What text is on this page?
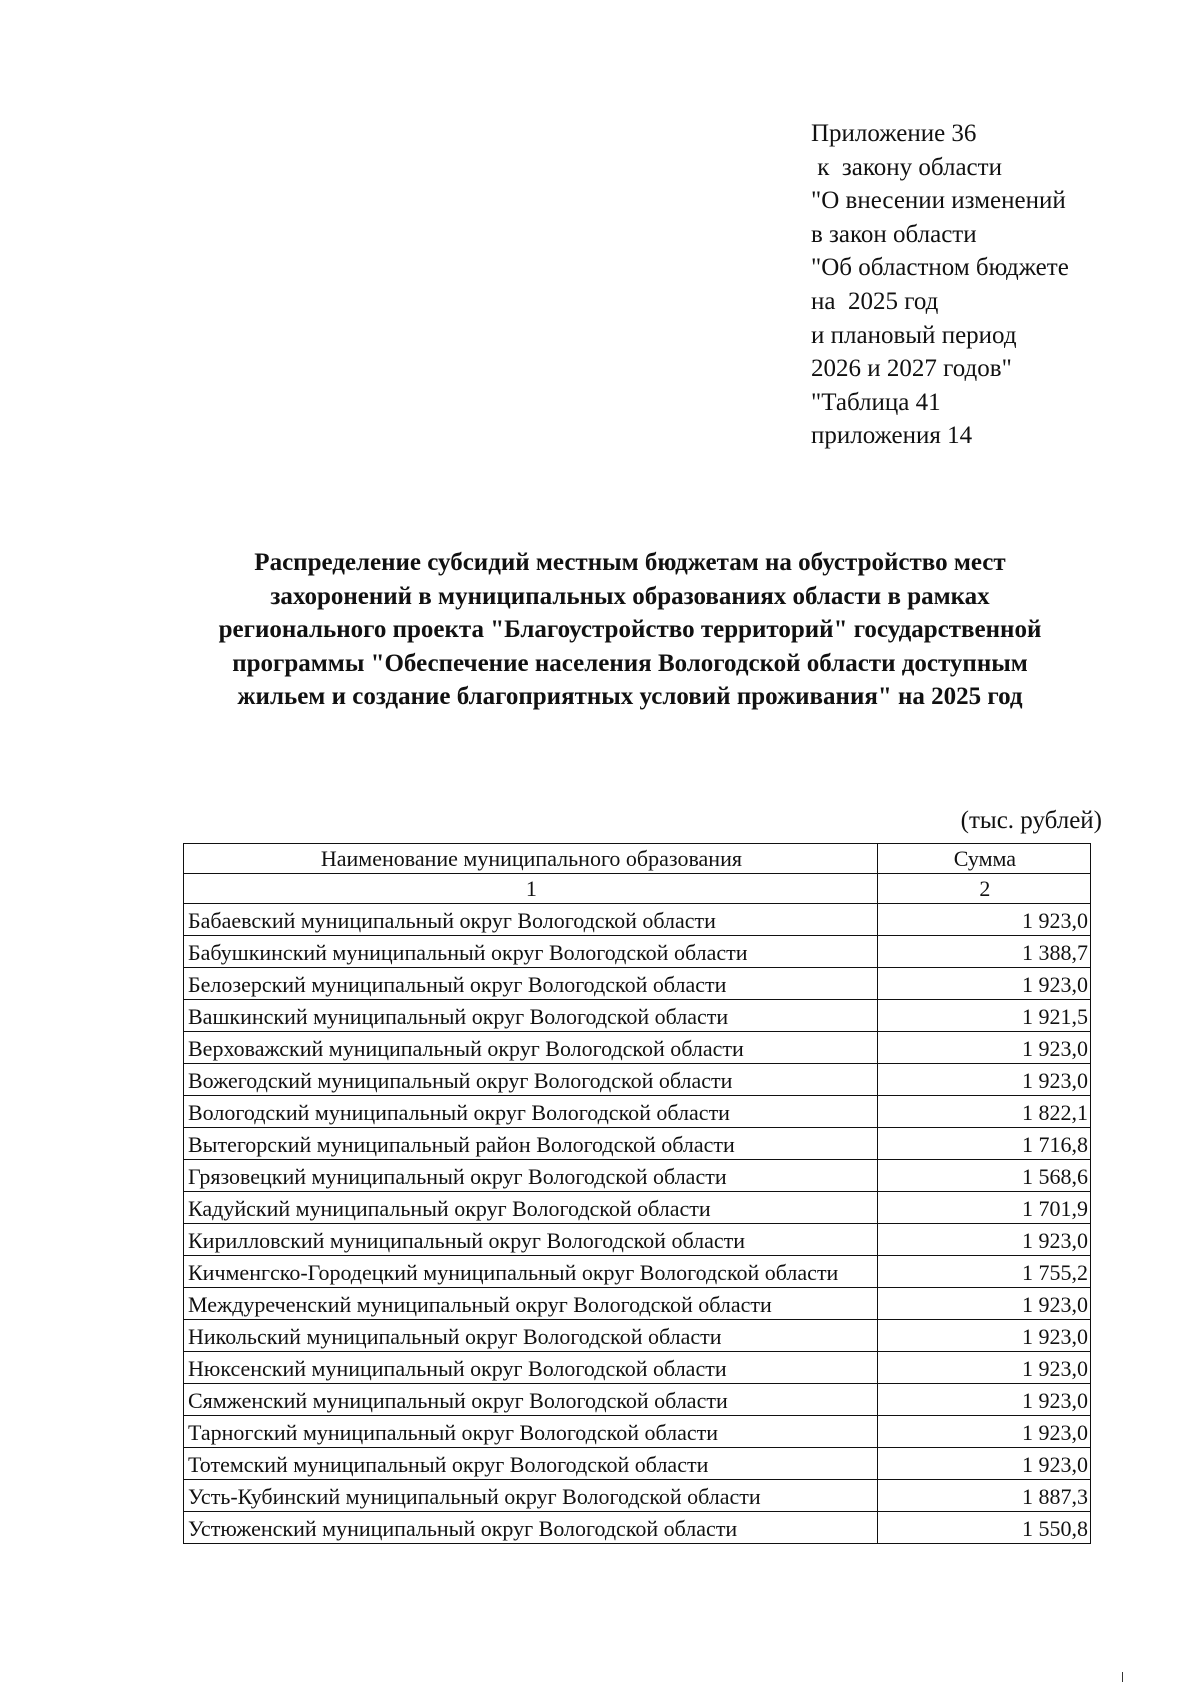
Приложение 36
к  закону области
"О внесении изменений
в закон области
"Об областном бюджете
на  2025 год
и плановый период
2026 и 2027 годов"
"Таблица 41
приложения 14
Распределение субсидий местным бюджетам на обустройство мест
захоронений в муниципальных образованиях области в рамках
регионального проекта "Благоустройство территорий" государственной
программы "Обеспечение населения Вологодской области доступным
жильем и создание благоприятных условий проживания" на 2025 год
(тыс. рублей)
Наименование муниципального образования	Сумма
1	2
Бабаевский муниципальный округ Вологодской области	1 923,0
Бабушкинский муниципальный округ Вологодской области	1 388,7
Белозерский муниципальный округ Вологодской области	1 923,0
Вашкинский муниципальный округ Вологодской области	1 921,5
Верховажский муниципальный округ Вологодской области	1 923,0
Вожегодский муниципальный округ Вологодской области	1 923,0
Вологодский муниципальный округ Вологодской области	1 822,1
Вытегорский муниципальный район Вологодской области	1 716,8
Грязовецкий муниципальный округ Вологодской области	1 568,6
Кадуйский муниципальный округ Вологодской области	1 701,9
Кирилловский муниципальный округ Вологодской области	1 923,0
Кичменгско-Городецкий муниципальный округ Вологодской области	1 755,2
Междуреченский муниципальный округ Вологодской области	1 923,0
Никольский муниципальный округ Вологодской области	1 923,0
Нюксенский муниципальный округ Вологодской области	1 923,0
Сямженский муниципальный округ Вологодской области	1 923,0
Тарногский муниципальный округ Вологодской области	1 923,0
Тотемский муниципальный округ Вологодской области	1 923,0
Усть-Кубинский муниципальный округ Вологодской области	1 887,3
Устюженский муниципальный округ Вологодской области	1 550,8
